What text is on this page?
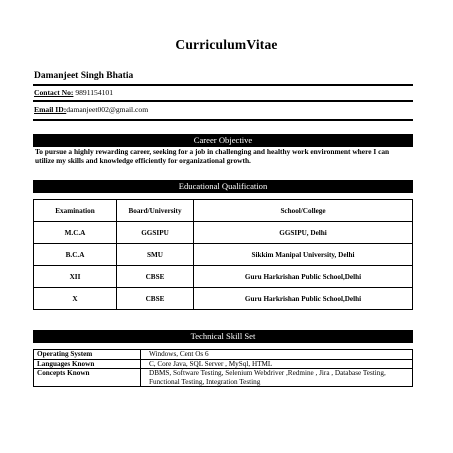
CurriculumVitae
Damanjeet Singh Bhatia
Contact No: 9891154101
Email ID:damanjeet002@gmail.com
Career Objective
To pursue a highly rewarding career, seeking for a job in challenging and healthy work environment where I can utilize my skills and knowledge efficiently for organizational growth.
Educational Qualification
Examination	Board/University	School/College
M.C.A	GGSIPU	GGSIPU, Delhi
B.C.A	SMU	Sikkim Manipal University, Delhi
XII	CBSE	Guru Harkrishan Public School,Delhi
X	CBSE	Guru Harkrishan Public School,Delhi
Technical Skill Set
Operating System	Windows, Cent Os 6
Languages Known	C, Core Java, SQL Server , MySql, HTML
Concepts Known	DBMS, Software Testing, Selenium Webdriver ,Redmine , Jira , Database Testing, Functional Testing, Integration Testing
